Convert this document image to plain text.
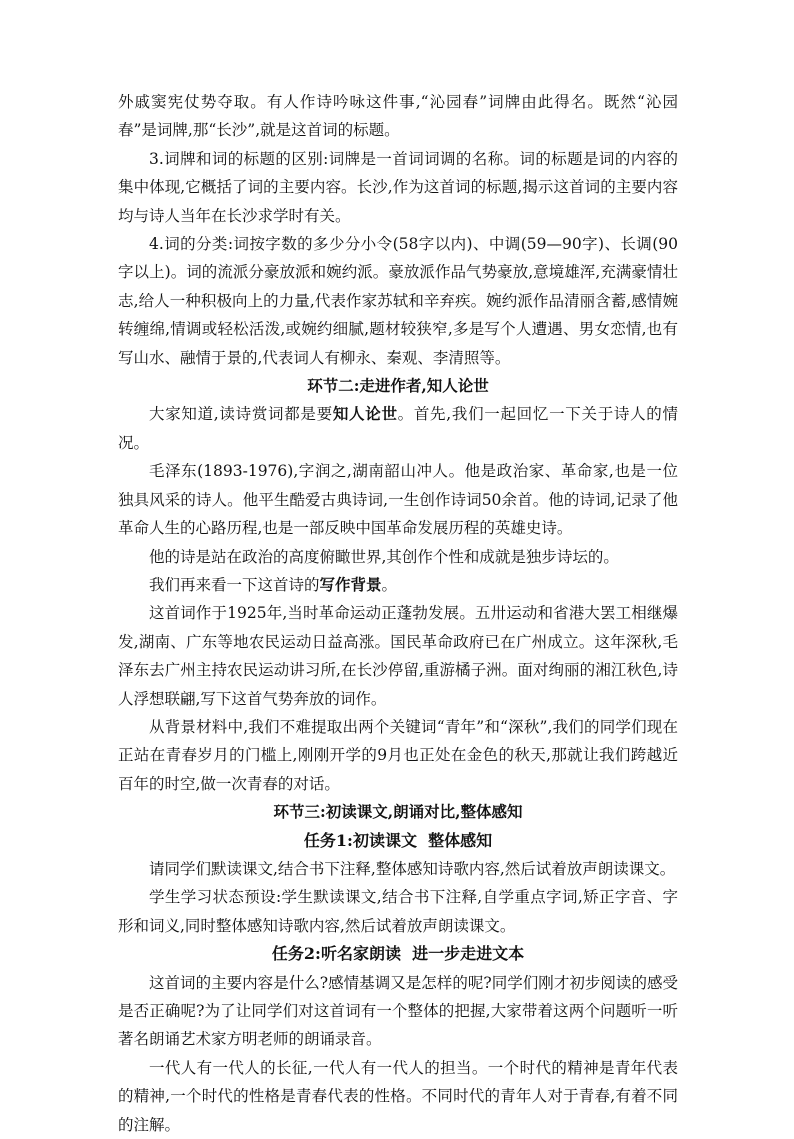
外戚窦宪仗势夺取。有人作诗吟咏这件事,“沁园春”词牌由此得名。既然“沁园春”是词牌,那“长沙”,就是这首词的标题。

3.词牌和词的标题的区别:词牌是一首词词调的名称。词的标题是词的内容的集中体现,它概括了词的主要内容。长沙,作为这首词的标题,揭示这首词的主要内容均与诗人当年在长沙求学时有关。

4.词的分类:词按字数的多少分小令(58字以内)、中调(59—90字)、长调(90字以上)。词的流派分豪放派和婉约派。豪放派作品气势豪放,意境雄浑,充满豪情壮志,给人一种积极向上的力量,代表作家苏轼和辛弃疾。婉约派作品清丽含蓄,感情婉转缠绵,情调或轻松活泼,或婉约细腻,题材较狭窄,多是写个人遭遇、男女恋情,也有写山水、融情于景的,代表词人有柳永、秦观、李清照等。

环节二:走进作者,知人论世

大家知道,读诗赏词都是要知人论世。首先,我们一起回忆一下关于诗人的情况。

毛泽东(1893-1976),字润之,湖南韶山冲人。他是政治家、革命家,也是一位独具风采的诗人。他平生酷爱古典诗词,一生创作诗词50余首。他的诗词,记录了他革命人生的心路历程,也是一部反映中国革命发展历程的英雄史诗。

他的诗是站在政治的高度俯瞰世界,其创作个性和成就是独步诗坛的。

我们再来看一下这首诗的写作背景。

这首词作于1925年,当时革命运动正蓬勃发展。五卅运动和省港大罢工相继爆发,湖南、广东等地农民运动日益高涨。国民革命政府已在广州成立。这年深秋,毛泽东去广州主持农民运动讲习所,在长沙停留,重游橘子洲。面对绚丽的湘江秋色,诗人浮想联翩,写下这首气势奔放的词作。

从背景材料中,我们不难提取出两个关键词“青年”和“深秋”,我们的同学们现在正站在青春岁月的门槛上,刚刚开学的9月也正处在金色的秋天,那就让我们跨越近百年的时空,做一次青春的对话。

环节三:初读课文,朗诵对比,整体感知

任务1:初读课文  整体感知

请同学们默读课文,结合书下注释,整体感知诗歌内容,然后试着放声朗读课文。

学生学习状态预设:学生默读课文,结合书下注释,自学重点字词,矫正字音、字形和词义,同时整体感知诗歌内容,然后试着放声朗读课文。

任务2:听名家朗读  进一步走进文本

这首词的主要内容是什么?感情基调又是怎样的呢?同学们刚才初步阅读的感受是否正确呢?为了让同学们对这首词有一个整体的把握,大家带着这两个问题听一听著名朗诵艺术家方明老师的朗诵录音。

一代人有一代人的长征,一代人有一代人的担当。一个时代的精神是青年代表的精神,一个时代的性格是青春代表的性格。不同时代的青年人对于青春,有着不同的注解。
